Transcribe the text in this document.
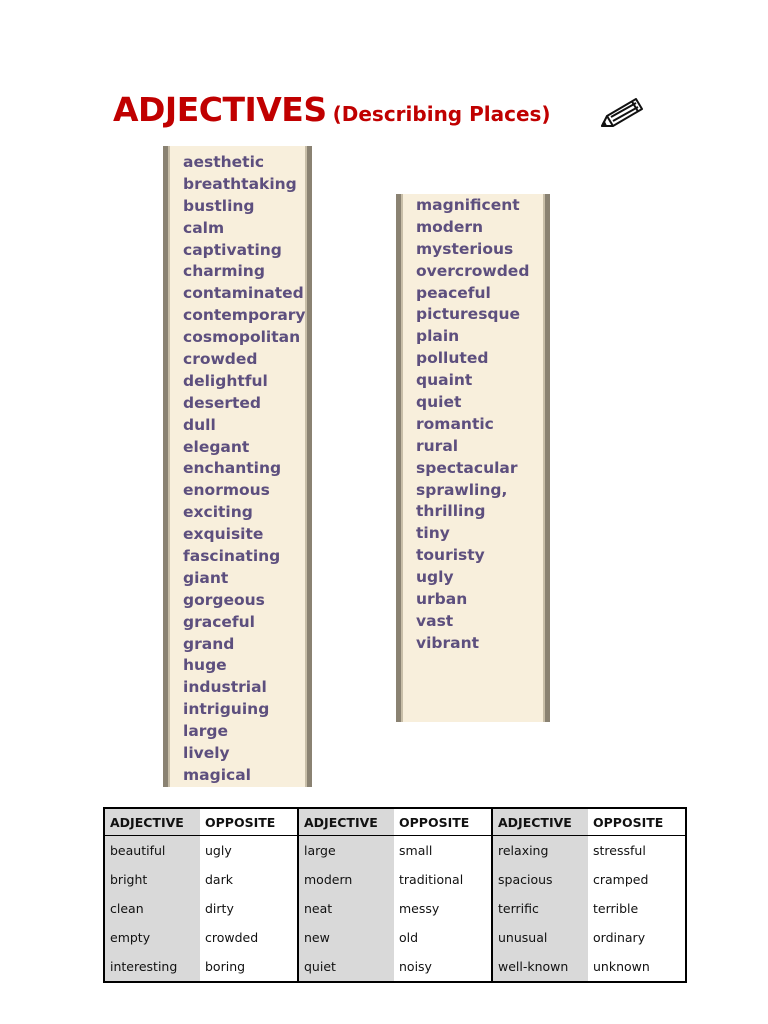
ADJECTIVES (Describing Places)
aesthetic
breathtaking
bustling
calm
captivating
charming
contaminated
contemporary
cosmopolitan
crowded
delightful
deserted
dull
elegant
enchanting
enormous
exciting
exquisite
fascinating
giant
gorgeous
graceful
grand
huge
industrial
intriguing
large
lively
magical
magnificent
modern
mysterious
overcrowded
peaceful
picturesque
plain
polluted
quaint
quiet
romantic
rural
spectacular
sprawling,
thrilling
tiny
touristy
ugly
urban
vast
vibrant
ADJECTIVE	OPPOSITE	ADJECTIVE	OPPOSITE	ADJECTIVE	OPPOSITE
beautiful	ugly	large	small	relaxing	stressful
bright	dark	modern	traditional	spacious	cramped
clean	dirty	neat	messy	terrific	terrible
empty	crowded	new	old	unusual	ordinary
interesting	boring	quiet	noisy	well-known	unknown
